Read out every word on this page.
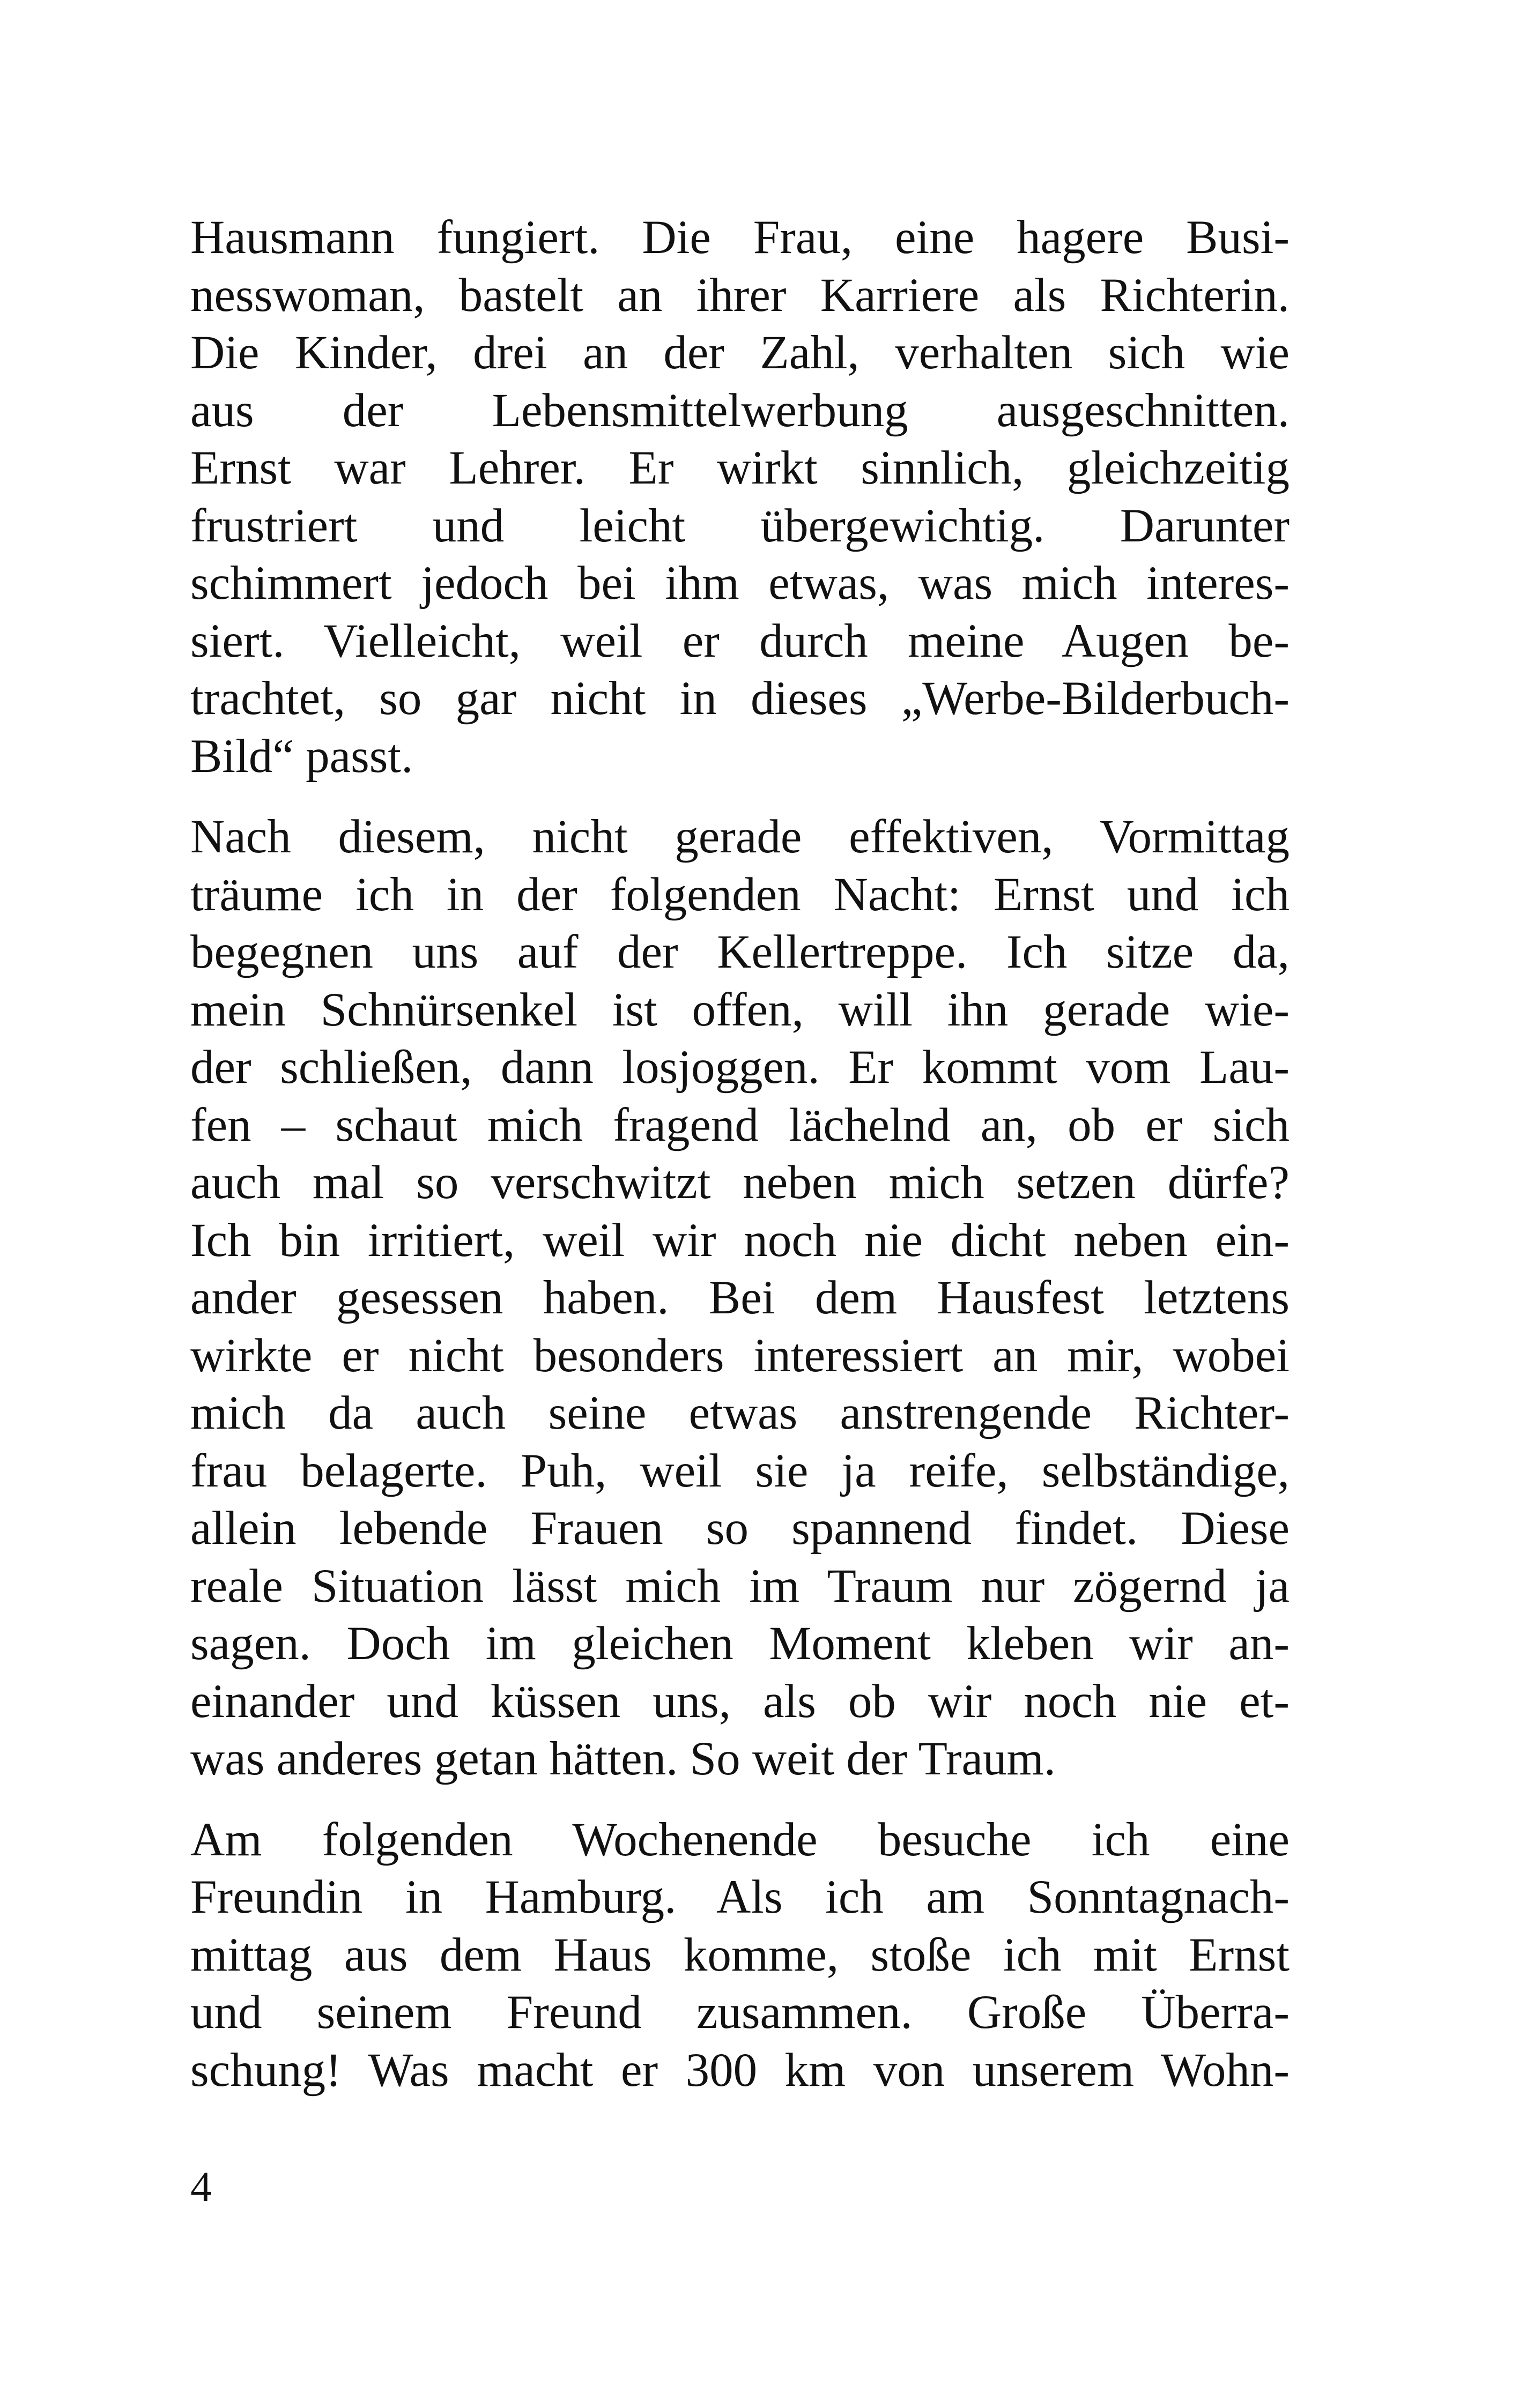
Hausmann fungiert. Die Frau, eine hagere Busi-
nesswoman, bastelt an ihrer Karriere als Richterin.
Die Kinder, drei an der Zahl, verhalten sich wie
aus der Lebensmittelwerbung ausgeschnitten.
Ernst war Lehrer. Er wirkt sinnlich, gleichzeitig
frustriert und leicht übergewichtig. Darunter
schimmert jedoch bei ihm etwas, was mich interes-
siert. Vielleicht, weil er durch meine Augen be-
trachtet, so gar nicht in dieses „Werbe-Bilderbuch-
Bild“ passt.
Nach diesem, nicht gerade effektiven, Vormittag
träume ich in der folgenden Nacht: Ernst und ich
begegnen uns auf der Kellertreppe. Ich sitze da,
mein Schnürsenkel ist offen, will ihn gerade wie-
der schließen, dann losjoggen. Er kommt vom Lau-
fen – schaut mich fragend lächelnd an, ob er sich
auch mal so verschwitzt neben mich setzen dürfe?
Ich bin irritiert, weil wir noch nie dicht neben ein-
ander gesessen haben. Bei dem Hausfest letztens
wirkte er nicht besonders interessiert an mir, wobei
mich da auch seine etwas anstrengende Richter-
frau belagerte. Puh, weil sie ja reife, selbständige,
allein lebende Frauen so spannend findet. Diese
reale Situation lässt mich im Traum nur zögernd ja
sagen. Doch im gleichen Moment kleben wir an-
einander und küssen uns, als ob wir noch nie et-
was anderes getan hätten. So weit der Traum.
Am folgenden Wochenende besuche ich eine
Freundin in Hamburg. Als ich am Sonntagnach-
mittag aus dem Haus komme, stoße ich mit Ernst
und seinem Freund zusammen. Große Überra-
schung! Was macht er 300 km von unserem Wohn-
4
